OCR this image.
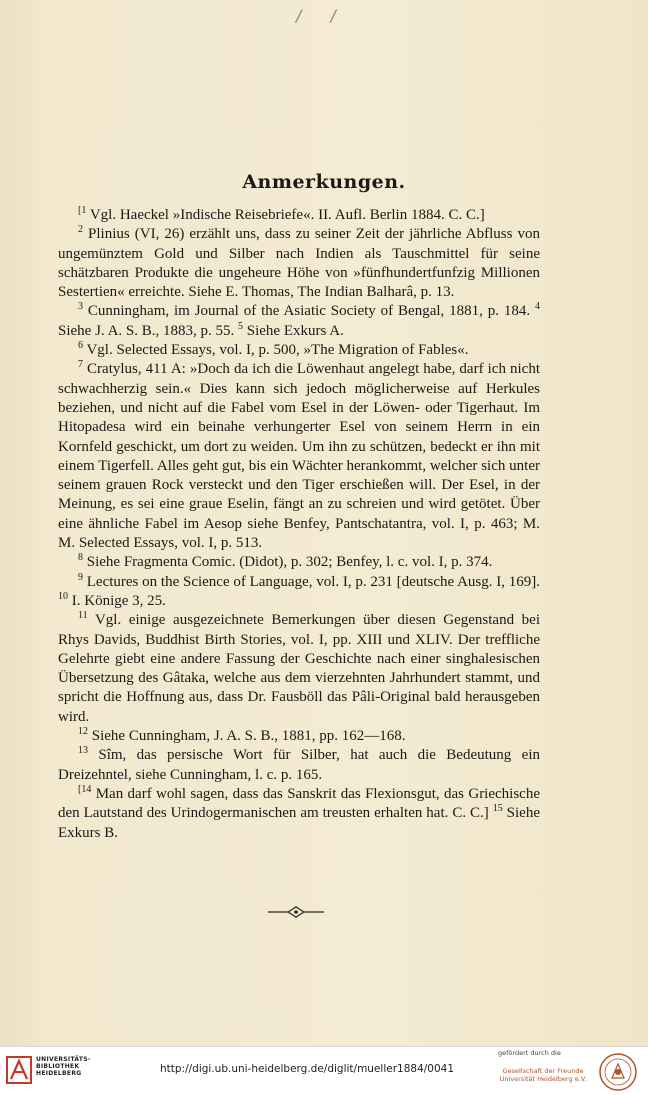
/ /
Anmerkungen.

$^{[1}$ Vgl. Haeckel »Indische Reisebriefe«. II. Aufl. Berlin 1884. C. C.]

$^2$ Plinius (VI, 26) erzählt uns, dass zu seiner Zeit der jährliche Abfluss von ungemünztem Gold und Silber nach Indien als Tauschmittel für seine schätzbaren Produkte die ungeheure Höhe von »fünfhundertfunfzig Millionen Sestertien« erreichte. Siehe E. Thomas, The Indian Balharâ, p. 13.

$^3$ Cunningham, im Journal of the Asiatic Society of Bengal, 1881, p. 184. $^4$ Siehe J. A. S. B., 1883, p. 55. $^5$ Siehe Exkurs A.

$^6$ Vgl. Selected Essays, vol. I, p. 500, »The Migration of Fables«.

$^7$ Cratylus, 411 A: »Doch da ich die Löwenhaut angelegt habe, darf ich nicht schwachherzig sein.« Dies kann sich jedoch möglicherweise auf Herkules beziehen, und nicht auf die Fabel vom Esel in der Löwen- oder Tigerhaut. Im Hitopadesa wird ein beinahe verhungerter Esel von seinem Herrn in ein Kornfeld geschickt, um dort zu weiden. Um ihn zu schützen, bedeckt er ihn mit einem Tigerfell. Alles geht gut, bis ein Wächter herankommt, welcher sich unter seinem grauen Rock versteckt und den Tiger erschießen will. Der Esel, in der Meinung, es sei eine graue Eselin, fängt an zu schreien und wird getötet. Über eine ähnliche Fabel im Aesop siehe Benfey, Pantschatantra, vol. I, p. 463; M. M. Selected Essays, vol. I, p. 513.

$^8$ Siehe Fragmenta Comic. (Didot), p. 302; Benfey, l. c. vol. I, p. 374.

$^9$ Lectures on the Science of Language, vol. I, p. 231 [deutsche Ausg. I, 169]. $^{10}$ I. Könige 3, 25.

$^{11}$ Vgl. einige ausgezeichnete Bemerkungen über diesen Gegenstand bei Rhys Davids, Buddhist Birth Stories, vol. I, pp. XIII und XLIV. Der treffliche Gelehrte giebt eine andere Fassung der Geschichte nach einer singhalesischen Übersetzung des Gâtaka, welche aus dem vierzehnten Jahrhundert stammt, und spricht die Hoffnung aus, dass Dr. Fausböll das Pâli-Original bald herausgeben wird.

$^{12}$ Siehe Cunningham, J. A. S. B., 1881, pp. 162—168.

$^{13}$ Sîm, das persische Wort für Silber, hat auch die Bedeutung ein Dreizehntel, siehe Cunningham, l. c. p. 165.

$^{[14}$ Man darf wohl sagen, dass das Sanskrit das Flexionsgut, das Griechische den Lautstand des Urindogermanischen am treusten erhalten hat. C. C.] $^{15}$ Siehe Exkurs B.

UNIVERSITÄTS-
BIBLIOTHEK
HEIDELBERG	http://digi.ub.uni-heidelberg.de/diglit/mueller1884/0041
gefördert durch die
Gesellschaft der Freunde
Universität Heidelberg e.V.
